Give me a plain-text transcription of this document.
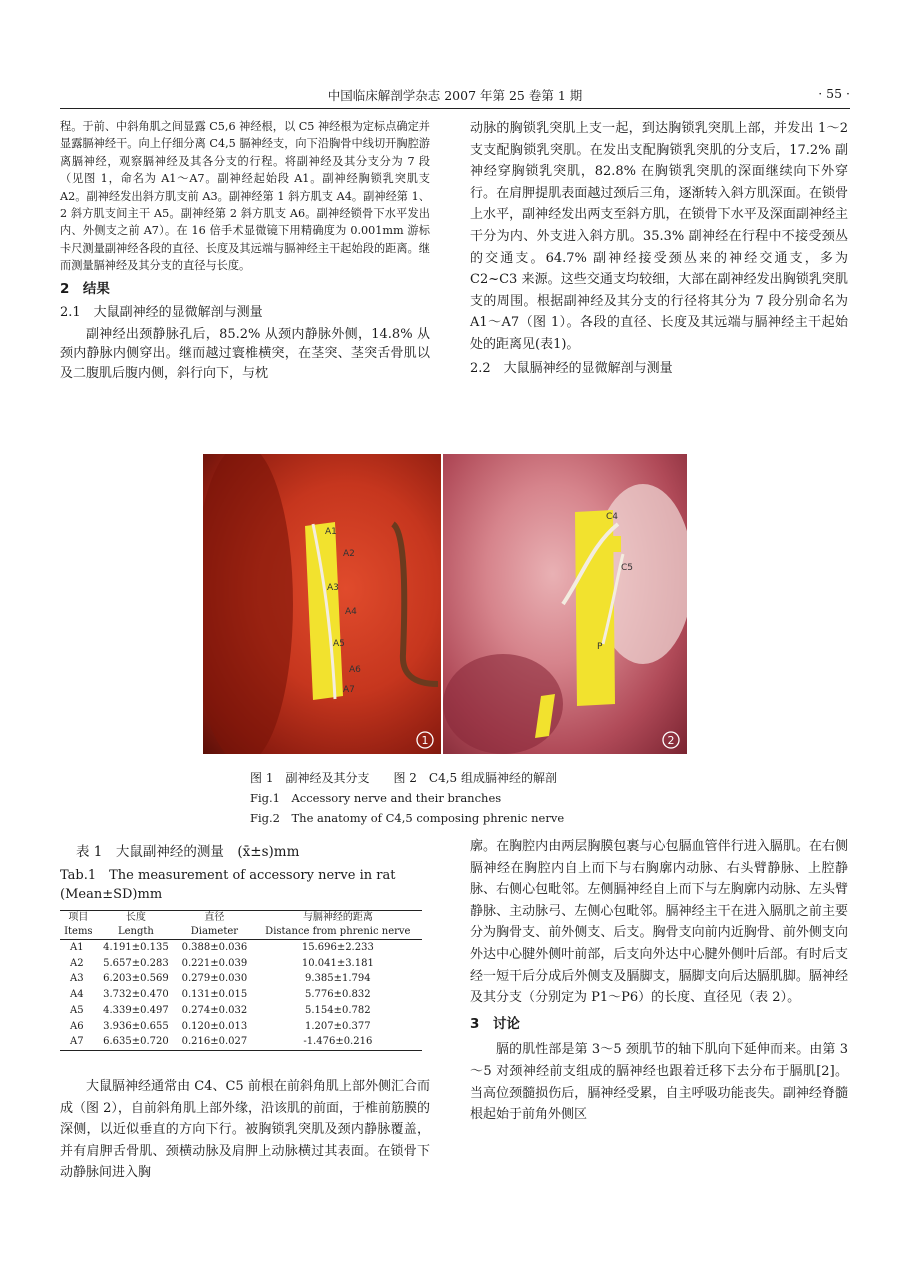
中国临床解剖学杂志 2007 年第 25 卷第 1 期	· 55 ·

程。于前、中斜角肌之间显露 C5,6 神经根，以 C5 神经根为定标点确定并显露膈神经干。向上仔细分离 C4,5 膈神经支，向下沿胸骨中线切开胸腔游离膈神经，观察膈神经及其各分支的行程。将副神经及其分支分为 7 段（见图 1，命名为 A1～A7。副神经起始段 A1。副神经胸锁乳突肌支 A2。副神经发出斜方肌支前 A3。副神经第 1 斜方肌支 A4。副神经第 1、2 斜方肌支间主干 A5。副神经第 2 斜方肌支 A6。副神经锁骨下水平发出内、外侧支之前 A7）。在 16 倍手术显微镜下用精确度为 0.001mm 游标卡尺测量副神经各段的直径、长度及其远端与膈神经主干起始段的距离。继而测量膈神经及其分支的直径与长度。

2　结果
2.1　大鼠副神经的显微解剖与测量

副神经出颈静脉孔后，85.2% 从颈内静脉外侧，14.8% 从颈内静脉内侧穿出。继而越过寰椎横突，在茎突、茎突舌骨肌以及二腹肌后腹内侧，斜行向下，与枕

动脉的胸锁乳突肌上支一起，到达胸锁乳突肌上部，并发出 1～2 支支配胸锁乳突肌。在发出支配胸锁乳突肌的分支后，17.2% 副神经穿胸锁乳突肌，82.8% 在胸锁乳突肌的深面继续向下外穿行。在肩胛提肌表面越过颈后三角，逐渐转入斜方肌深面。在锁骨上水平，副神经发出两支至斜方肌，在锁骨下水平及深面副神经主干分为内、外支进入斜方肌。35.3% 副神经在行程中不接受颈丛的交通支。64.7% 副神经接受颈丛来的神经交通支，多为 C2~C3 来源。这些交通支均较细，大部在副神经发出胸锁乳突肌支的周围。根据副神经及其分支的行径将其分为 7 段分别命名为 A1～A7（图 1）。各段的直径、长度及其远端与膈神经主干起始处的距离见(表1)。

2.2　大鼠膈神经的显微解剖与测量
A1
A2
A3
A4
A5
A6
A7
1
C4
C5
P
2
图 1　副神经及其分支　　图 2　C4,5 组成膈神经的解剖
Fig.1　Accessory nerve and their branches
Fig.2　The anatomy of C4,5 composing phrenic nerve
表 1　大鼠副神经的测量　(x̄±s)mm
Tab.1　The measurement of accessory nerve in rat (Mean±SD)mm
项目	长度	直径	与膈神经的距离
Items	Length	Diameter	Distance from phrenic nerve
A1	4.191±0.135	0.388±0.036	15.696±2.233
A2	5.657±0.283	0.221±0.039	10.041±3.181
A3	6.203±0.569	0.279±0.030	9.385±1.794
A4	3.732±0.470	0.131±0.015	5.776±0.832
A5	4.339±0.497	0.274±0.032	5.154±0.782
A6	3.936±0.655	0.120±0.013	1.207±0.377
A7	6.635±0.720	0.216±0.027	-1.476±0.216

大鼠膈神经通常由 C4、C5 前根在前斜角肌上部外侧汇合而成（图 2），自前斜角肌上部外缘，沿该肌的前面，于椎前筋膜的深侧，以近似垂直的方向下行。被胸锁乳突肌及颈内静脉覆盖，并有肩胛舌骨肌、颈横动脉及肩胛上动脉横过其表面。在锁骨下动静脉间进入胸

廓。在胸腔内由两层胸膜包裹与心包膈血管伴行进入膈肌。在右侧膈神经在胸腔内自上而下与右胸廓内动脉、右头臂静脉、上腔静脉、右侧心包毗邻。左侧膈神经自上而下与左胸廓内动脉、左头臂静脉、主动脉弓、左侧心包毗邻。膈神经主干在进入膈肌之前主要分为胸骨支、前外侧支、后支。胸骨支向前内近胸骨、前外侧支向外达中心腱外侧叶前部，后支向外达中心腱外侧叶后部。有时后支经一短干后分成后外侧支及膈脚支，膈脚支向后达膈肌脚。膈神经及其分支（分别定为 P1～P6）的长度、直径见（表 2）。

3　讨论

膈的肌性部是第 3～5 颈肌节的轴下肌向下延伸而来。由第 3～5 对颈神经前支组成的膈神经也跟着迁移下去分布于膈肌[2]。当高位颈髓损伤后，膈神经受累，自主呼吸功能丧失。副神经脊髓根起始于前角外侧区
